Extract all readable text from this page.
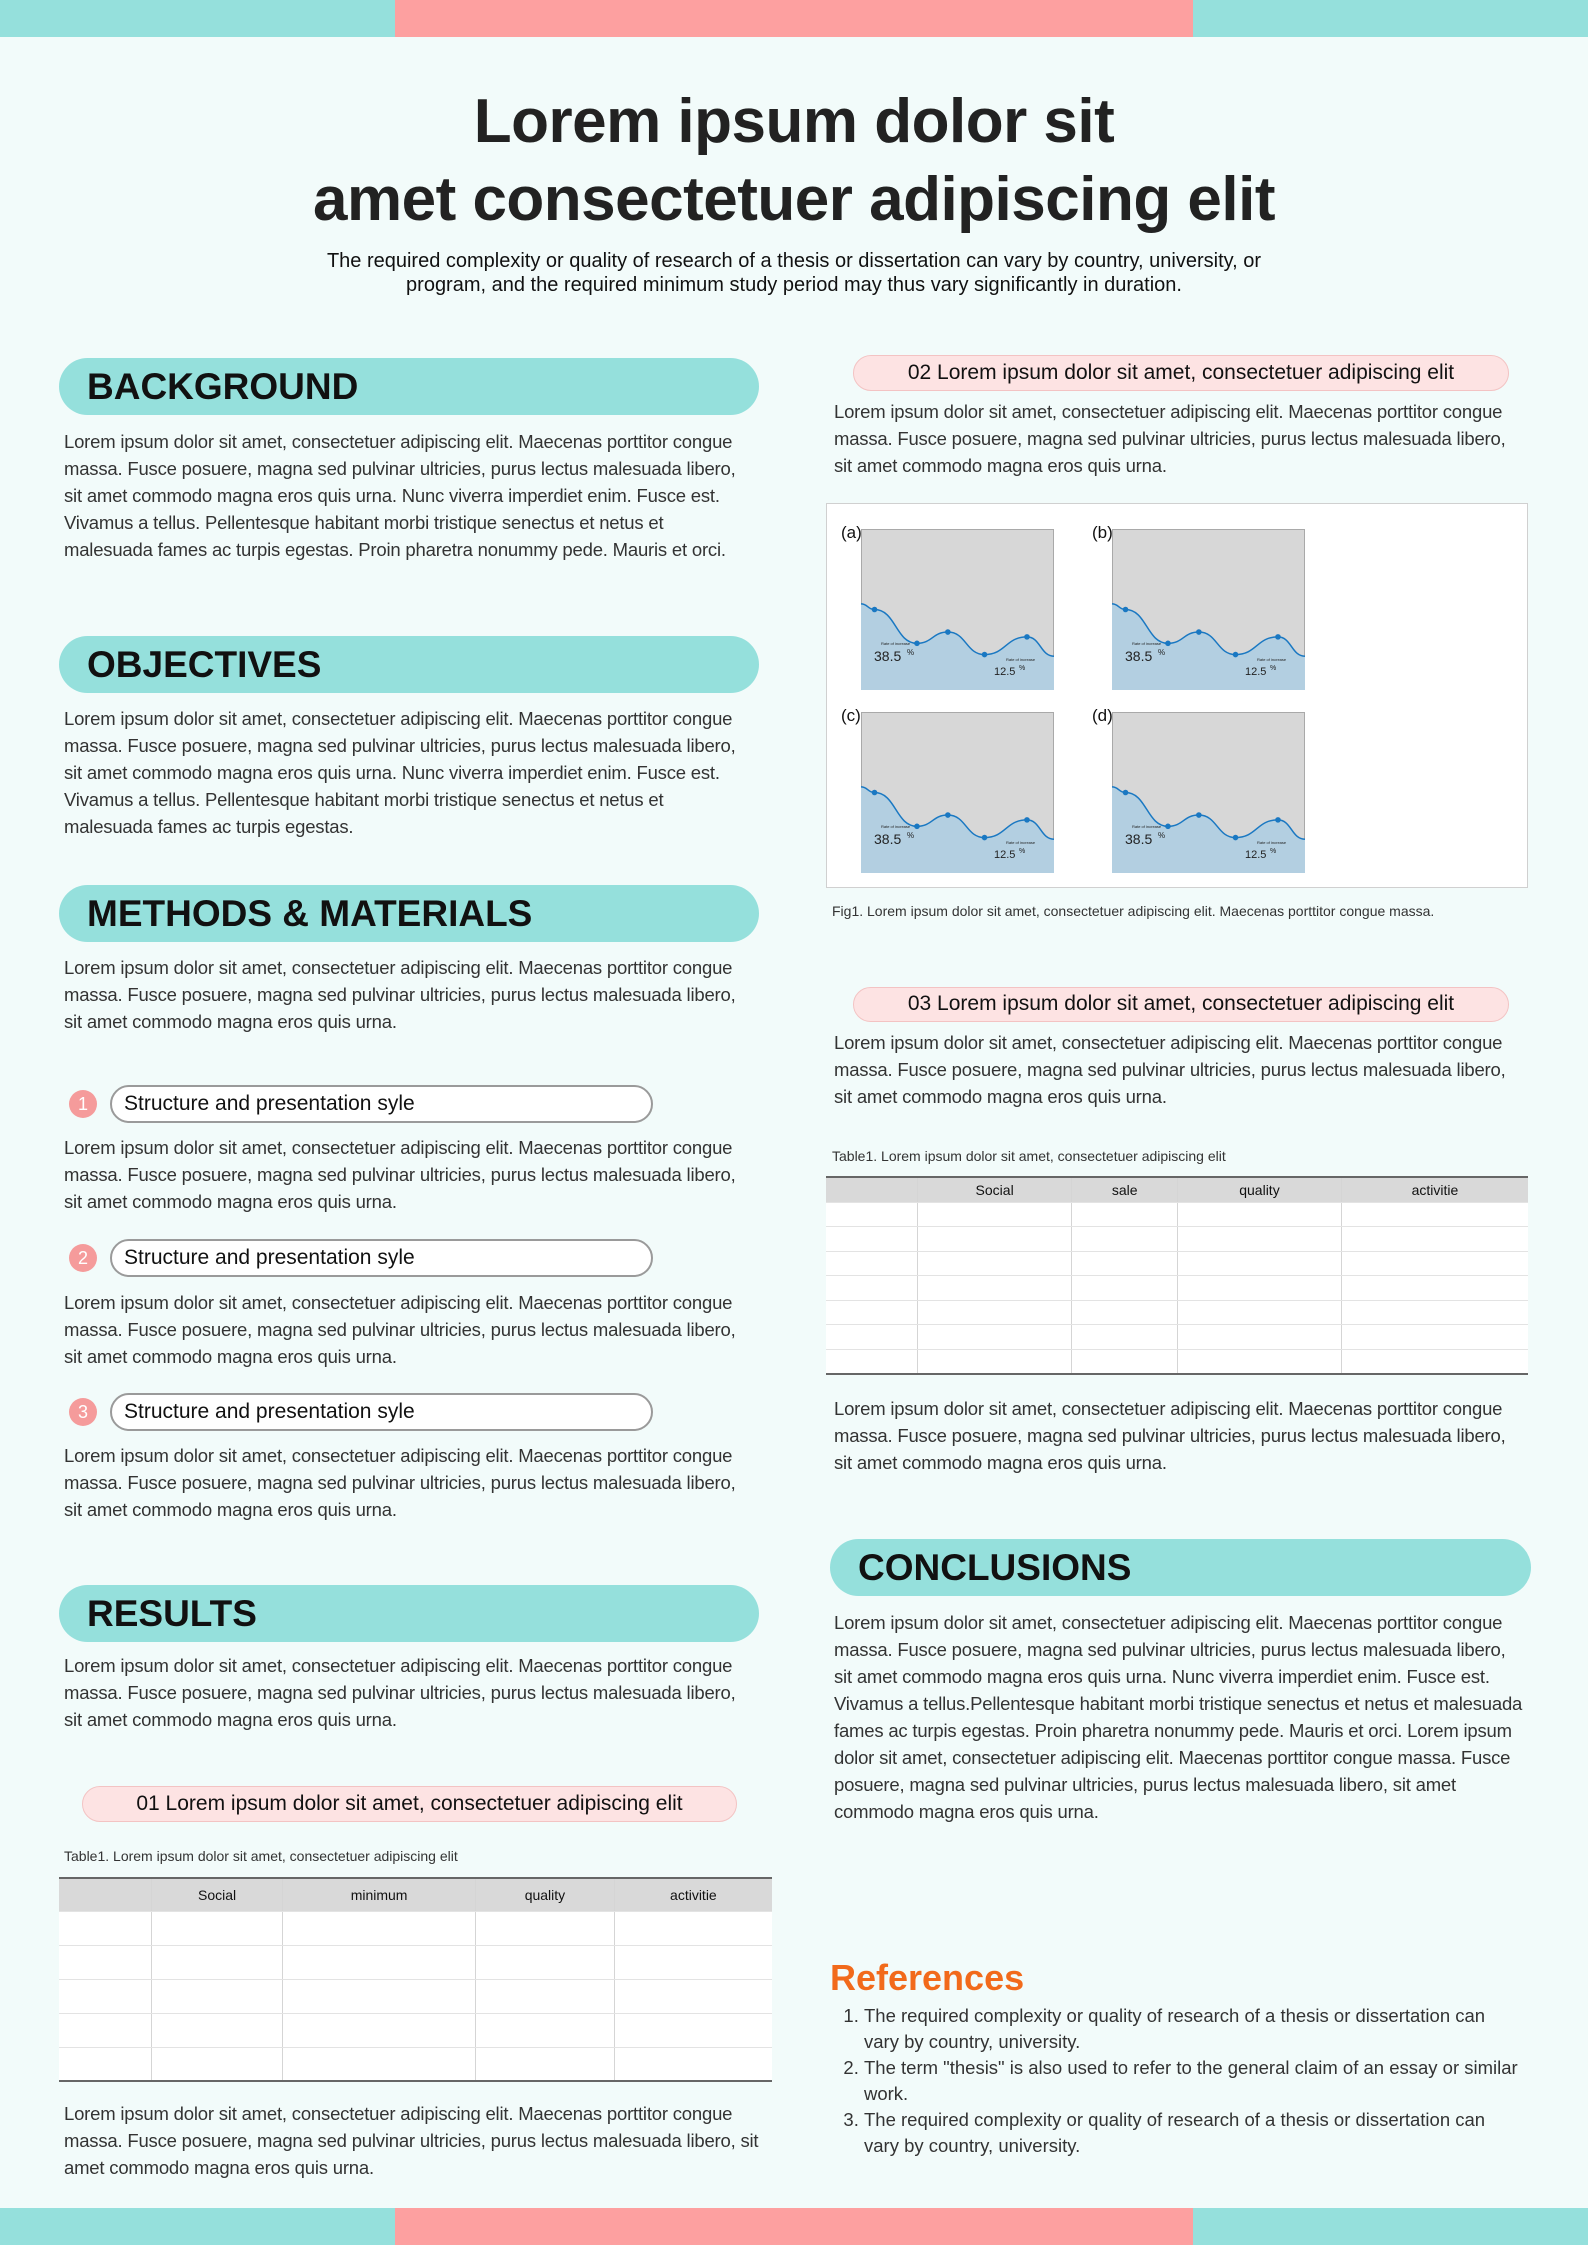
Lorem ipsum dolor sit
amet consectetuer adipiscing elit
The required complexity or quality of research of a thesis or dissertation can vary by country, university, or program, and the required minimum study period may thus vary significantly in duration.
BACKGROUND
Lorem ipsum dolor sit amet, consectetuer adipiscing elit. Maecenas porttitor congue massa. Fusce posuere, magna sed pulvinar ultricies, purus lectus malesuada libero, sit amet commodo magna eros quis urna. Nunc viverra imperdiet enim. Fusce est. Vivamus a tellus. Pellentesque habitant morbi tristique senectus et netus et malesuada fames ac turpis egestas. Proin pharetra nonummy pede. Mauris et orci.
OBJECTIVES
Lorem ipsum dolor sit amet, consectetuer adipiscing elit. Maecenas porttitor congue massa. Fusce posuere, magna sed pulvinar ultricies, purus lectus malesuada libero, sit amet commodo magna eros quis urna. Nunc viverra imperdiet enim. Fusce est. Vivamus a tellus. Pellentesque habitant morbi tristique senectus et netus et malesuada fames ac turpis egestas.
METHODS & MATERIALS
Lorem ipsum dolor sit amet, consectetuer adipiscing elit. Maecenas porttitor congue massa. Fusce posuere, magna sed pulvinar ultricies, purus lectus malesuada libero, sit amet commodo magna eros quis urna.
1	Structure and presentation syle
Lorem ipsum dolor sit amet, consectetuer adipiscing elit. Maecenas porttitor congue massa. Fusce posuere, magna sed pulvinar ultricies, purus lectus malesuada libero, sit amet commodo magna eros quis urna.
2	Structure and presentation syle
Lorem ipsum dolor sit amet, consectetuer adipiscing elit. Maecenas porttitor congue massa. Fusce posuere, magna sed pulvinar ultricies, purus lectus malesuada libero, sit amet commodo magna eros quis urna.
3	Structure and presentation syle
Lorem ipsum dolor sit amet, consectetuer adipiscing elit. Maecenas porttitor congue massa. Fusce posuere, magna sed pulvinar ultricies, purus lectus malesuada libero, sit amet commodo magna eros quis urna.
RESULTS
Lorem ipsum dolor sit amet, consectetuer adipiscing elit. Maecenas porttitor congue massa. Fusce posuere, magna sed pulvinar ultricies, purus lectus malesuada libero, sit amet commodo magna eros quis urna.
01 Lorem ipsum dolor sit amet, consectetuer adipiscing elit
Table1. Lorem ipsum dolor sit amet, consectetuer adipiscing elit
	Social	minimum	quality	activitie

Lorem ipsum dolor sit amet, consectetuer adipiscing elit. Maecenas porttitor congue massa. Fusce posuere, magna sed pulvinar ultricies, purus lectus malesuada libero, sit amet commodo magna eros quis urna.
02 Lorem ipsum dolor sit amet, consectetuer adipiscing elit
Lorem ipsum dolor sit amet, consectetuer adipiscing elit. Maecenas porttitor congue massa. Fusce posuere, magna sed pulvinar ultricies, purus lectus malesuada libero, sit amet commodo magna eros quis urna.
(a)
Rate of increase
38.5 %
Rate of increase
12.5 %
(b)
Rate of increase
38.5 %
Rate of increase
12.5 %
(c)
Rate of increase
38.5 %
Rate of increase
12.5 %
(d)
Rate of increase
38.5 %
Rate of increase
12.5 %
Fig1. Lorem ipsum dolor sit amet, consectetuer adipiscing elit. Maecenas porttitor congue massa.
03 Lorem ipsum dolor sit amet, consectetuer adipiscing elit
Lorem ipsum dolor sit amet, consectetuer adipiscing elit. Maecenas porttitor congue massa. Fusce posuere, magna sed pulvinar ultricies, purus lectus malesuada libero, sit amet commodo magna eros quis urna.
Table1. Lorem ipsum dolor sit amet, consectetuer adipiscing elit
	Social	sale	quality	activitie

Lorem ipsum dolor sit amet, consectetuer adipiscing elit. Maecenas porttitor congue massa. Fusce posuere, magna sed pulvinar ultricies, purus lectus malesuada libero, sit amet commodo magna eros quis urna.
CONCLUSIONS
Lorem ipsum dolor sit amet, consectetuer adipiscing elit. Maecenas porttitor congue massa. Fusce posuere, magna sed pulvinar ultricies, purus lectus malesuada libero, sit amet commodo magna eros quis urna. Nunc viverra imperdiet enim. Fusce est. Vivamus a tellus.Pellentesque habitant morbi tristique senectus et netus et malesuada fames ac turpis egestas. Proin pharetra nonummy pede. Mauris et orci. Lorem ipsum dolor sit amet, consectetuer adipiscing elit. Maecenas porttitor congue massa. Fusce posuere, magna sed pulvinar ultricies, purus lectus malesuada libero, sit amet commodo magna eros quis urna.
References
1. The required complexity or quality of research of a thesis or dissertation can vary by country, university.
2. The term "thesis" is also used to refer to the general claim of an essay or similar work.
3. The required complexity or quality of research of a thesis or dissertation can vary by country, university.
